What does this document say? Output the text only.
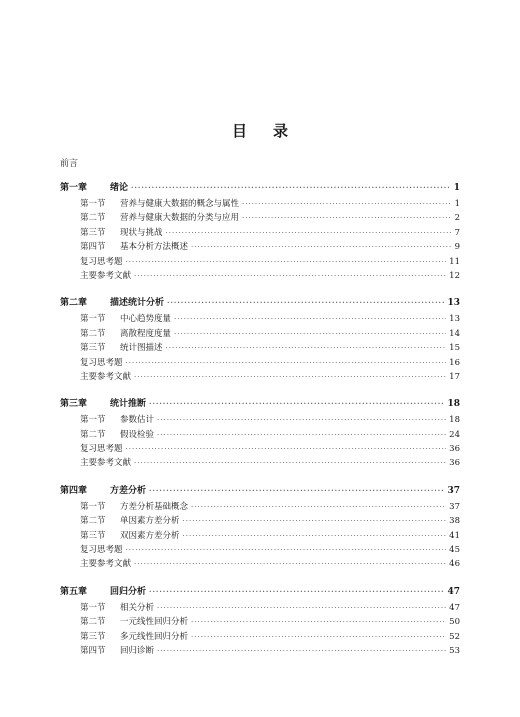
目 录
前言
第一章	绪论 ·····	1
第一节	营养与健康大数据的概念与属性 ·····	1
第二节	营养与健康大数据的分类与应用 ·····	2
第三节	现状与挑战 ·····	7
第四节	基本分析方法概述 ·····	9
复习思考题 ·····	11
主要参考文献 ·····	12
第二章	描述统计分析 ·····	13
第一节	中心趋势度量 ·····	13
第二节	离散程度度量 ·····	14
第三节	统计图描述 ·····	15
复习思考题 ·····	16
主要参考文献 ·····	17
第三章	统计推断 ·····	18
第一节	参数估计 ·····	18
第二节	假设检验 ·····	24
复习思考题 ·····	36
主要参考文献 ·····	36
第四章	方差分析 ·····	37
第一节	方差分析基础概念 ·····	37
第二节	单因素方差分析 ·····	38
第三节	双因素方差分析 ·····	41
复习思考题 ·····	45
主要参考文献 ·····	46
第五章	回归分析 ·····	47
第一节	相关分析 ·····	47
第二节	一元线性回归分析 ·····	50
第三节	多元线性回归分析 ·····	52
第四节	回归诊断 ·····	53
